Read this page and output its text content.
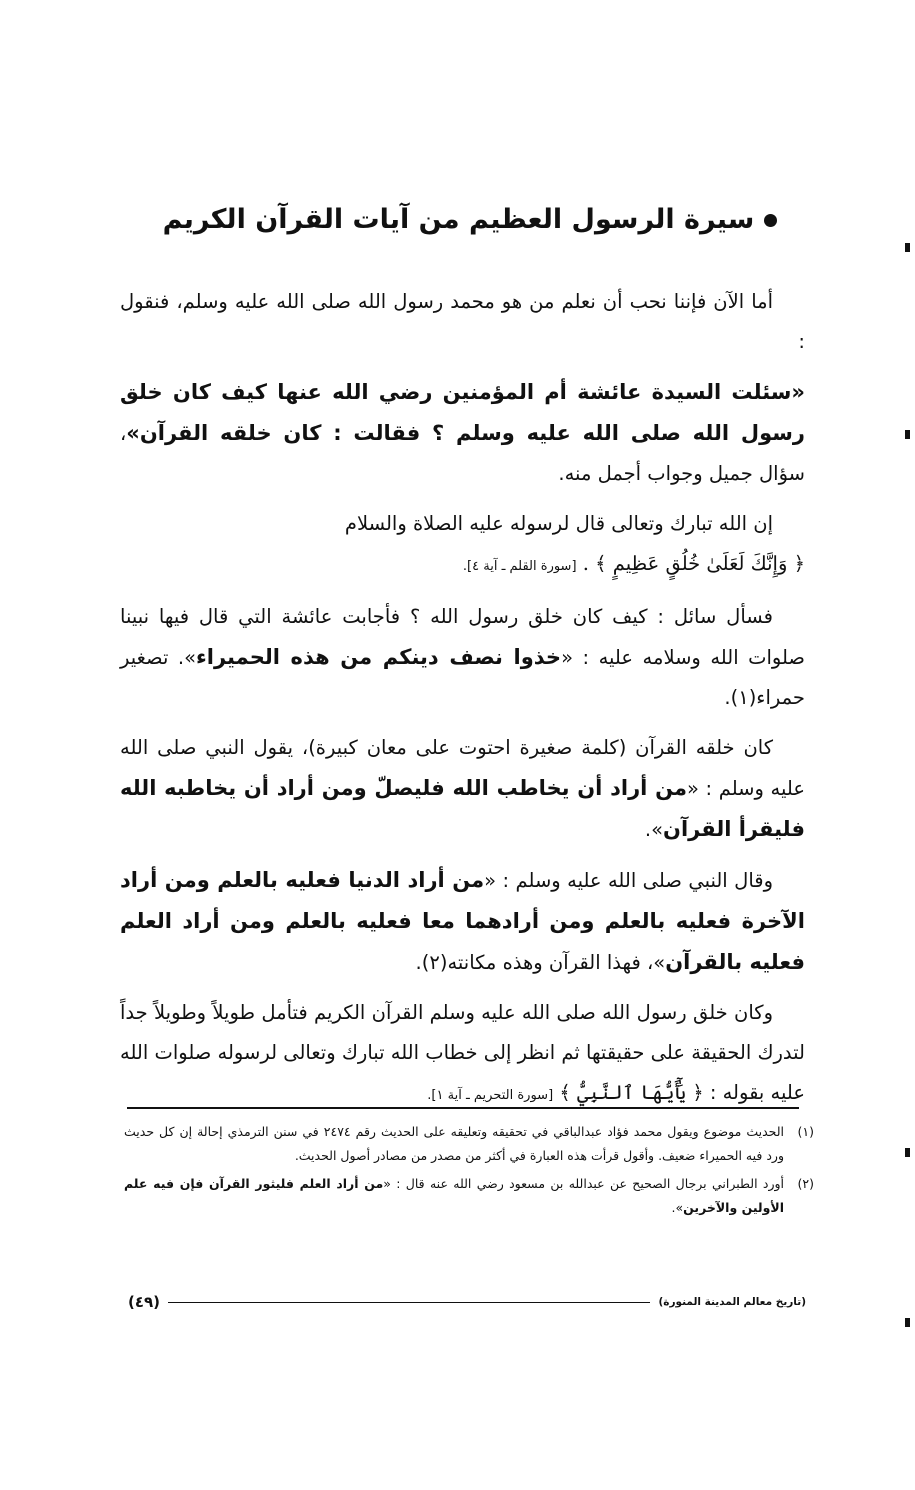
سيرة الرسول العظيم من آيات القرآن الكريم

أما الآن فإننا نحب أن نعلم من هو محمد رسول الله صلى الله عليه وسلم، فنقول :

«سئلت السيدة عائشة أم المؤمنين رضي الله عنها كيف كان خلق رسول الله صلى الله عليه وسلم ؟ فقالت : كان خلقه القرآن»، سؤال جميل وجواب أجمل منه.

إن الله تبارك وتعالى قال لرسوله عليه الصلاة والسلام
﴿ وَإِنَّكَ لَعَلَىٰ خُلُقٍ عَظِيمٍ ﴾ . [سورة القلم ـ آية ٤].

فسأل سائل : كيف كان خلق رسول الله ؟ فأجابت عائشة التي قال فيها نبينا صلوات الله وسلامه عليه : «خذوا نصف دينكم من هذه الحميراء». تصغير حمراء(١).

كان خلقه القرآن (كلمة صغيرة احتوت على معان كبيرة)، يقول النبي صلى الله عليه وسلم : «من أراد أن يخاطب الله فليصلّ ومن أراد أن يخاطبه الله فليقرأ القرآن».

وقال النبي صلى الله عليه وسلم : «من أراد الدنيا فعليه بالعلم ومن أراد الآخرة فعليه بالعلم ومن أرادهما معا فعليه بالعلم ومن أراد العلم فعليه بالقرآن»، فهذا القرآن وهذه مكانته(٢).

وكان خلق رسول الله صلى الله عليه وسلم القرآن الكريم فتأمل طويلاً وطويلاً جداً لتدرك الحقيقة على حقيقتها ثم انظر إلى خطاب الله تبارك وتعالى لرسوله صلوات الله عليه بقوله : ﴿ يَٰٓأَيُّهَا ٱلنَّبِيُّ ﴾ [سورة التحريم ـ آية ١].

(١)
الحديث موضوع ويقول محمد فؤاد عبدالباقي في تحقيقه وتعليقه على الحديث رقم ٢٤٧٤ في سنن الترمذي إحالة إن كل حديث ورد فيه الحميراء ضعيف. وأقول قرأت هذه العبارة في أكثر من مصدر من مصادر أصول الحديث.
(٢)
أورد الطبراني برجال الصحيح عن عبدالله بن مسعود رضي الله عنه قال : «من أراد العلم فليثور القرآن فإن فيه علم الأولين والآخرين».
(٤٩)	(تاريخ معالم المدينة المنورة)
